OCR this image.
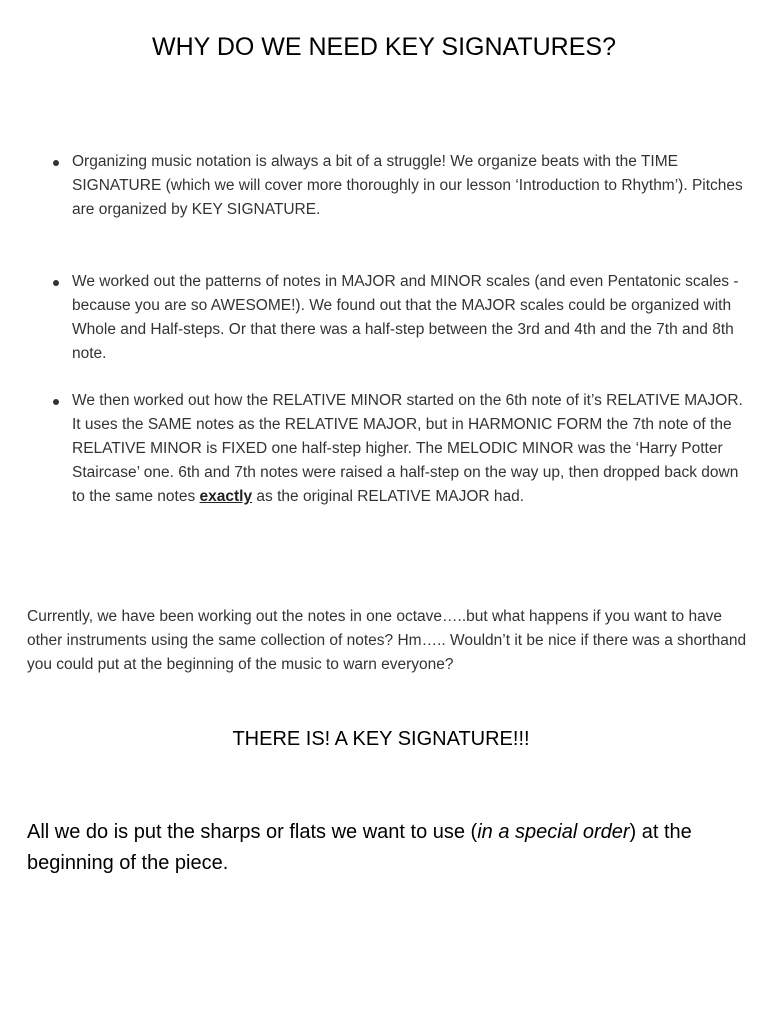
WHY DO WE NEED KEY SIGNATURES?
Organizing music notation is always a bit of a struggle! We organize beats with the TIME SIGNATURE (which we will cover more thoroughly in our lesson ‘Introduction to Rhythm’). Pitches are organized by KEY SIGNATURE.
We worked out the patterns of notes in MAJOR and MINOR scales (and even Pentatonic scales - because you are so AWESOME!). We found out that the MAJOR scales could be organized with Whole and Half-steps. Or that there was a half-step between the 3rd and 4th and the 7th and 8th note.
We then worked out how the RELATIVE MINOR started on the 6th note of it’s RELATIVE MAJOR. It uses the SAME notes as the RELATIVE MAJOR, but in HARMONIC FORM the 7th note of the RELATIVE MINOR is FIXED one half-step higher. The MELODIC MINOR was the ‘Harry Potter Staircase’ one. 6th and 7th notes were raised a half-step on the way up, then dropped back down to the same notes exactly as the original RELATIVE MAJOR had.

Currently, we have been working out the notes in one octave…..but what happens if you want to have other instruments using the same collection of notes? Hm….. Wouldn’t it be nice if there was a shorthand you could put at the beginning of the music to warn everyone?

THERE IS! A KEY SIGNATURE!!!

All we do is put the sharps or flats we want to use (in a special order) at the beginning of the piece.
